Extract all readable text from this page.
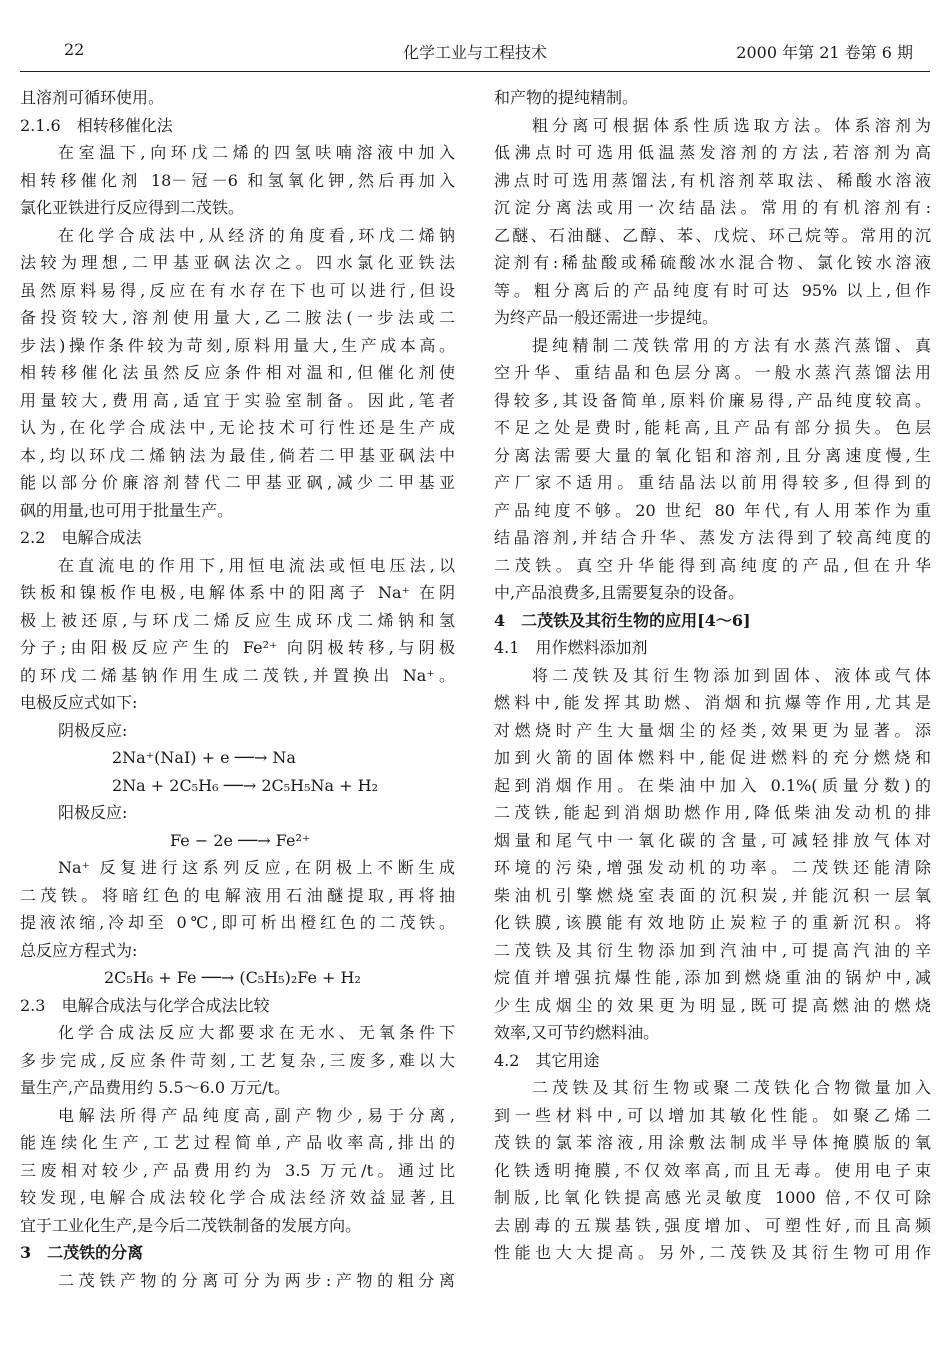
22	化学工业与工程技术	2000 年第 21 卷第 6 期
且溶剂可循环使用。
2.1.6　相转移催化法
在室温下,向环戊二烯的四氢呋喃溶液中加入
相转移催化剂 18－冠－6 和氢氧化钾,然后再加入
氯化亚铁进行反应得到二茂铁。
在化学合成法中,从经济的角度看,环戊二烯钠
法较为理想,二甲基亚砜法次之。四水氯化亚铁法
虽然原料易得,反应在有水存在下也可以进行,但设
备投资较大,溶剂使用量大,乙二胺法(一步法或二
步法)操作条件较为苛刻,原料用量大,生产成本高。
相转移催化法虽然反应条件相对温和,但催化剂使
用量较大,费用高,适宜于实验室制备。因此,笔者
认为,在化学合成法中,无论技术可行性还是生产成
本,均以环戊二烯钠法为最佳,倘若二甲基亚砜法中
能以部分价廉溶剂替代二甲基亚砜,减少二甲基亚
砜的用量,也可用于批量生产。
2.2　电解合成法
在直流电的作用下,用恒电流法或恒电压法,以
铁板和镍板作电极,电解体系中的阳离子 Na⁺ 在阴
极上被还原,与环戊二烯反应生成环戊二烯钠和氢
分子;由阳极反应产生的 Fe²⁺ 向阴极转移,与阴极
的环戊二烯基钠作用生成二茂铁,并置换出 Na⁺。
电极反应式如下:
阴极反应:
2Na⁺(NaI) + e ──→ Na
2Na + 2C₅H₆ ──→ 2C₅H₅Na + H₂
阳极反应:
Fe − 2e ──→ Fe²⁺
Na⁺ 反复进行这系列反应,在阴极上不断生成
二茂铁。将暗红色的电解液用石油醚提取,再将抽
提液浓缩,冷却至 0℃,即可析出橙红色的二茂铁。
总反应方程式为:
2C₅H₆ + Fe ──→ (C₅H₅)₂Fe + H₂
2.3　电解合成法与化学合成法比较
化学合成法反应大都要求在无水、无氧条件下
多步完成,反应条件苛刻,工艺复杂,三废多,难以大
量生产,产品费用约 5.5～6.0 万元/t。
电解法所得产品纯度高,副产物少,易于分离,
能连续化生产,工艺过程简单,产品收率高,排出的
三废相对较少,产品费用约为 3.5 万元/t。通过比
较发现,电解合成法较化学合成法经济效益显著,且
宜于工业化生产,是今后二茂铁制备的发展方向。
3　二茂铁的分离
二茂铁产物的分离可分为两步:产物的粗分离
和产物的提纯精制。
粗分离可根据体系性质选取方法。体系溶剂为
低沸点时可选用低温蒸发溶剂的方法,若溶剂为高
沸点时可选用蒸馏法,有机溶剂萃取法、稀酸水溶液
沉淀分离法或用一次结晶法。常用的有机溶剂有:
乙醚、石油醚、乙醇、苯、戊烷、环己烷等。常用的沉
淀剂有:稀盐酸或稀硫酸冰水混合物、氯化铵水溶液
等。粗分离后的产品纯度有时可达 95% 以上,但作
为终产品一般还需进一步提纯。
提纯精制二茂铁常用的方法有水蒸汽蒸馏、真
空升华、重结晶和色层分离。一般水蒸汽蒸馏法用
得较多,其设备简单,原料价廉易得,产品纯度较高。
不足之处是费时,能耗高,且产品有部分损失。色层
分离法需要大量的氧化铝和溶剂,且分离速度慢,生
产厂家不适用。重结晶法以前用得较多,但得到的
产品纯度不够。20 世纪 80 年代,有人用苯作为重
结晶溶剂,并结合升华、蒸发方法得到了较高纯度的
二茂铁。真空升华能得到高纯度的产品,但在升华
中,产品浪费多,且需要复杂的设备。
4　二茂铁及其衍生物的应用[4～6]
4.1　用作燃料添加剂
将二茂铁及其衍生物添加到固体、液体或气体
燃料中,能发挥其助燃、消烟和抗爆等作用,尤其是
对燃烧时产生大量烟尘的烃类,效果更为显著。添
加到火箭的固体燃料中,能促进燃料的充分燃烧和
起到消烟作用。在柴油中加入 0.1%(质量分数)的
二茂铁,能起到消烟助燃作用,降低柴油发动机的排
烟量和尾气中一氧化碳的含量,可减轻排放气体对
环境的污染,增强发动机的功率。二茂铁还能清除
柴油机引擎燃烧室表面的沉积炭,并能沉积一层氧
化铁膜,该膜能有效地防止炭粒子的重新沉积。将
二茂铁及其衍生物添加到汽油中,可提高汽油的辛
烷值并增强抗爆性能,添加到燃烧重油的锅炉中,减
少生成烟尘的效果更为明显,既可提高燃油的燃烧
效率,又可节约燃料油。
4.2　其它用途
二茂铁及其衍生物或聚二茂铁化合物微量加入
到一些材料中,可以增加其敏化性能。如聚乙烯二
茂铁的氯苯溶液,用涂敷法制成半导体掩膜版的氧
化铁透明掩膜,不仅效率高,而且无毒。使用电子束
制版,比氧化铁提高感光灵敏度 1000 倍,不仅可除
去剧毒的五羰基铁,强度增加、可塑性好,而且高频
性能也大大提高。另外,二茂铁及其衍生物可用作
